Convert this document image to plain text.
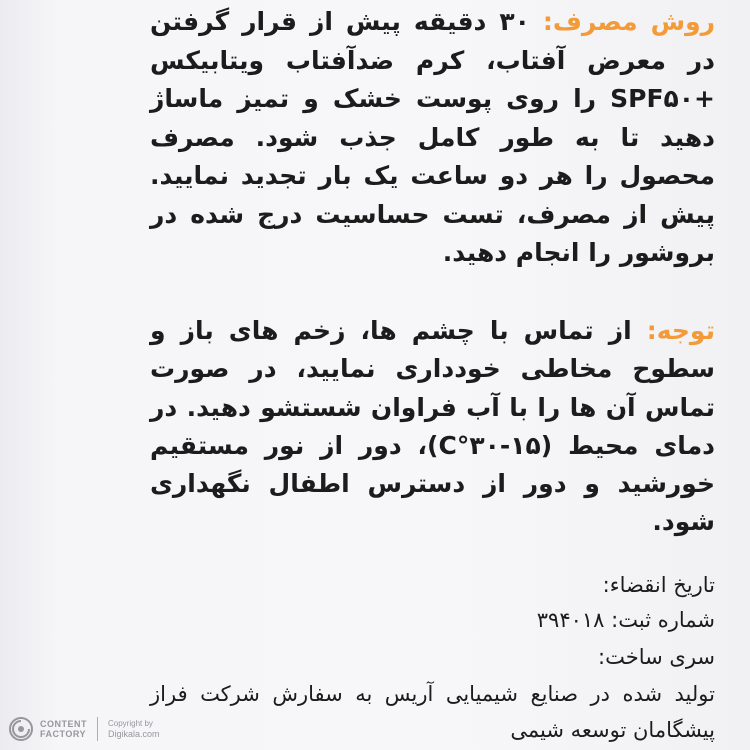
روش مصرف: ۳۰ دقیقه پیش از قرار گرفتن در معرض آفتاب، کرم ضدآفتاب ویتابیکس +SPF۵۰ را روی پوست خشک و تمیز ماساژ دهید تا به طور کامل جذب شود. مصرف محصول را هر دو ساعت یک بار تجدید نمایید. پیش از مصرف، تست حساسیت درج شده در بروشور را انجام دهید.
توجه: از تماس با چشم ها، زخم های باز و سطوح مخاطی خودداری نمایید، در صورت تماس آن ها را با آب فراوان شستشو دهید. در دمای محیط (۱۵-۳۰°C)، دور از نور مستقیم خورشید و دور از دسترس اطفال نگهداری شود.
تاریخ انقضاء:
شماره ثبت: ۳۹۴۰۱۸
سری ساخت:
تولید شده در صنایع شیمیایی آریس به سفارش شرکت فراز پیشگامان توسعه شیمی
CONTENT
FACTORY
Copyright by
Digikala.com
